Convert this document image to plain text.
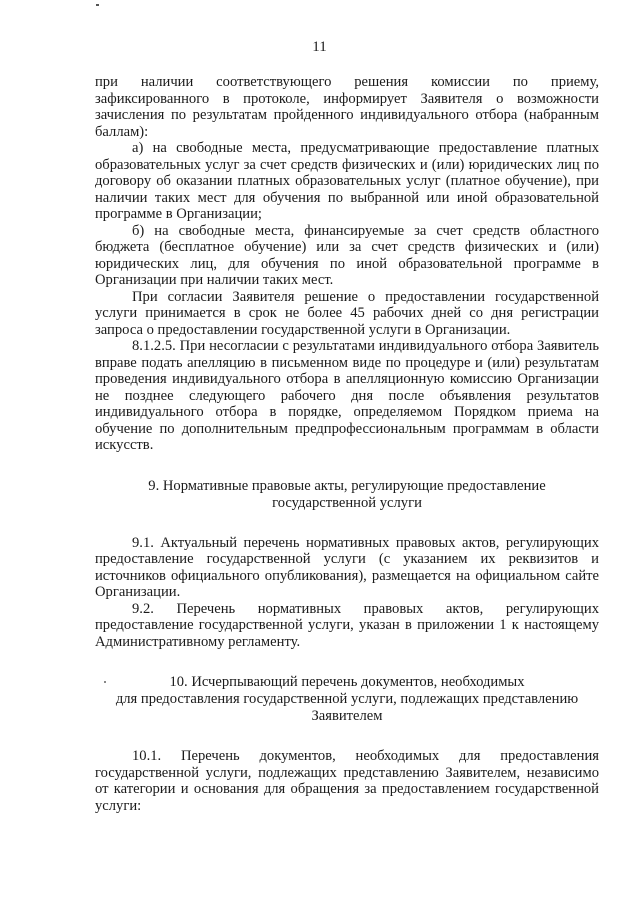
11

при наличии соответствующего решения комиссии по приему, зафиксированного в протоколе, информирует Заявителя о возможности зачисления по результатам пройденного индивидуального отбора (набранным баллам):

а) на свободные места, предусматривающие предоставление платных образовательных услуг за счет средств физических и (или) юридических лиц по договору об оказании платных образовательных услуг (платное обучение), при наличии таких мест для обучения по выбранной или иной образовательной программе в Организации;

б) на свободные места, финансируемые за счет средств областного бюджета (бесплатное обучение) или за счет средств физических и (или) юридических лиц, для обучения по иной образовательной программе в Организации при наличии таких мест.

При согласии Заявителя решение о предоставлении государственной услуги принимается в срок не более 45 рабочих дней со дня регистрации запроса о предоставлении государственной услуги в Организации.

8.1.2.5. При несогласии с результатами индивидуального отбора Заявитель вправе подать апелляцию в письменном виде по процедуре и (или) результатам проведения индивидуального отбора в апелляционную комиссию Организации не позднее следующего рабочего дня после объявления результатов индивидуального отбора в порядке, определяемом Порядком приема на обучение по дополнительным предпрофессиональным программам в области искусств.

9. Нормативные правовые акты, регулирующие предоставление

государственной услуги

9.1. Актуальный перечень нормативных правовых актов, регулирующих предоставление государственной услуги (с указанием их реквизитов и источников официального опубликования), размещается на официальном сайте Организации.

9.2. Перечень нормативных правовых актов, регулирующих предоставление государственной услуги, указан в приложении 1 к настоящему Административному регламенту.

10. Исчерпывающий перечень документов, необходимых

для предоставления государственной услуги, подлежащих представлению

Заявителем

10.1. Перечень документов, необходимых для предоставления государственной услуги, подлежащих представлению Заявителем, независимо от категории и основания для обращения за предоставлением государственной услуги:
